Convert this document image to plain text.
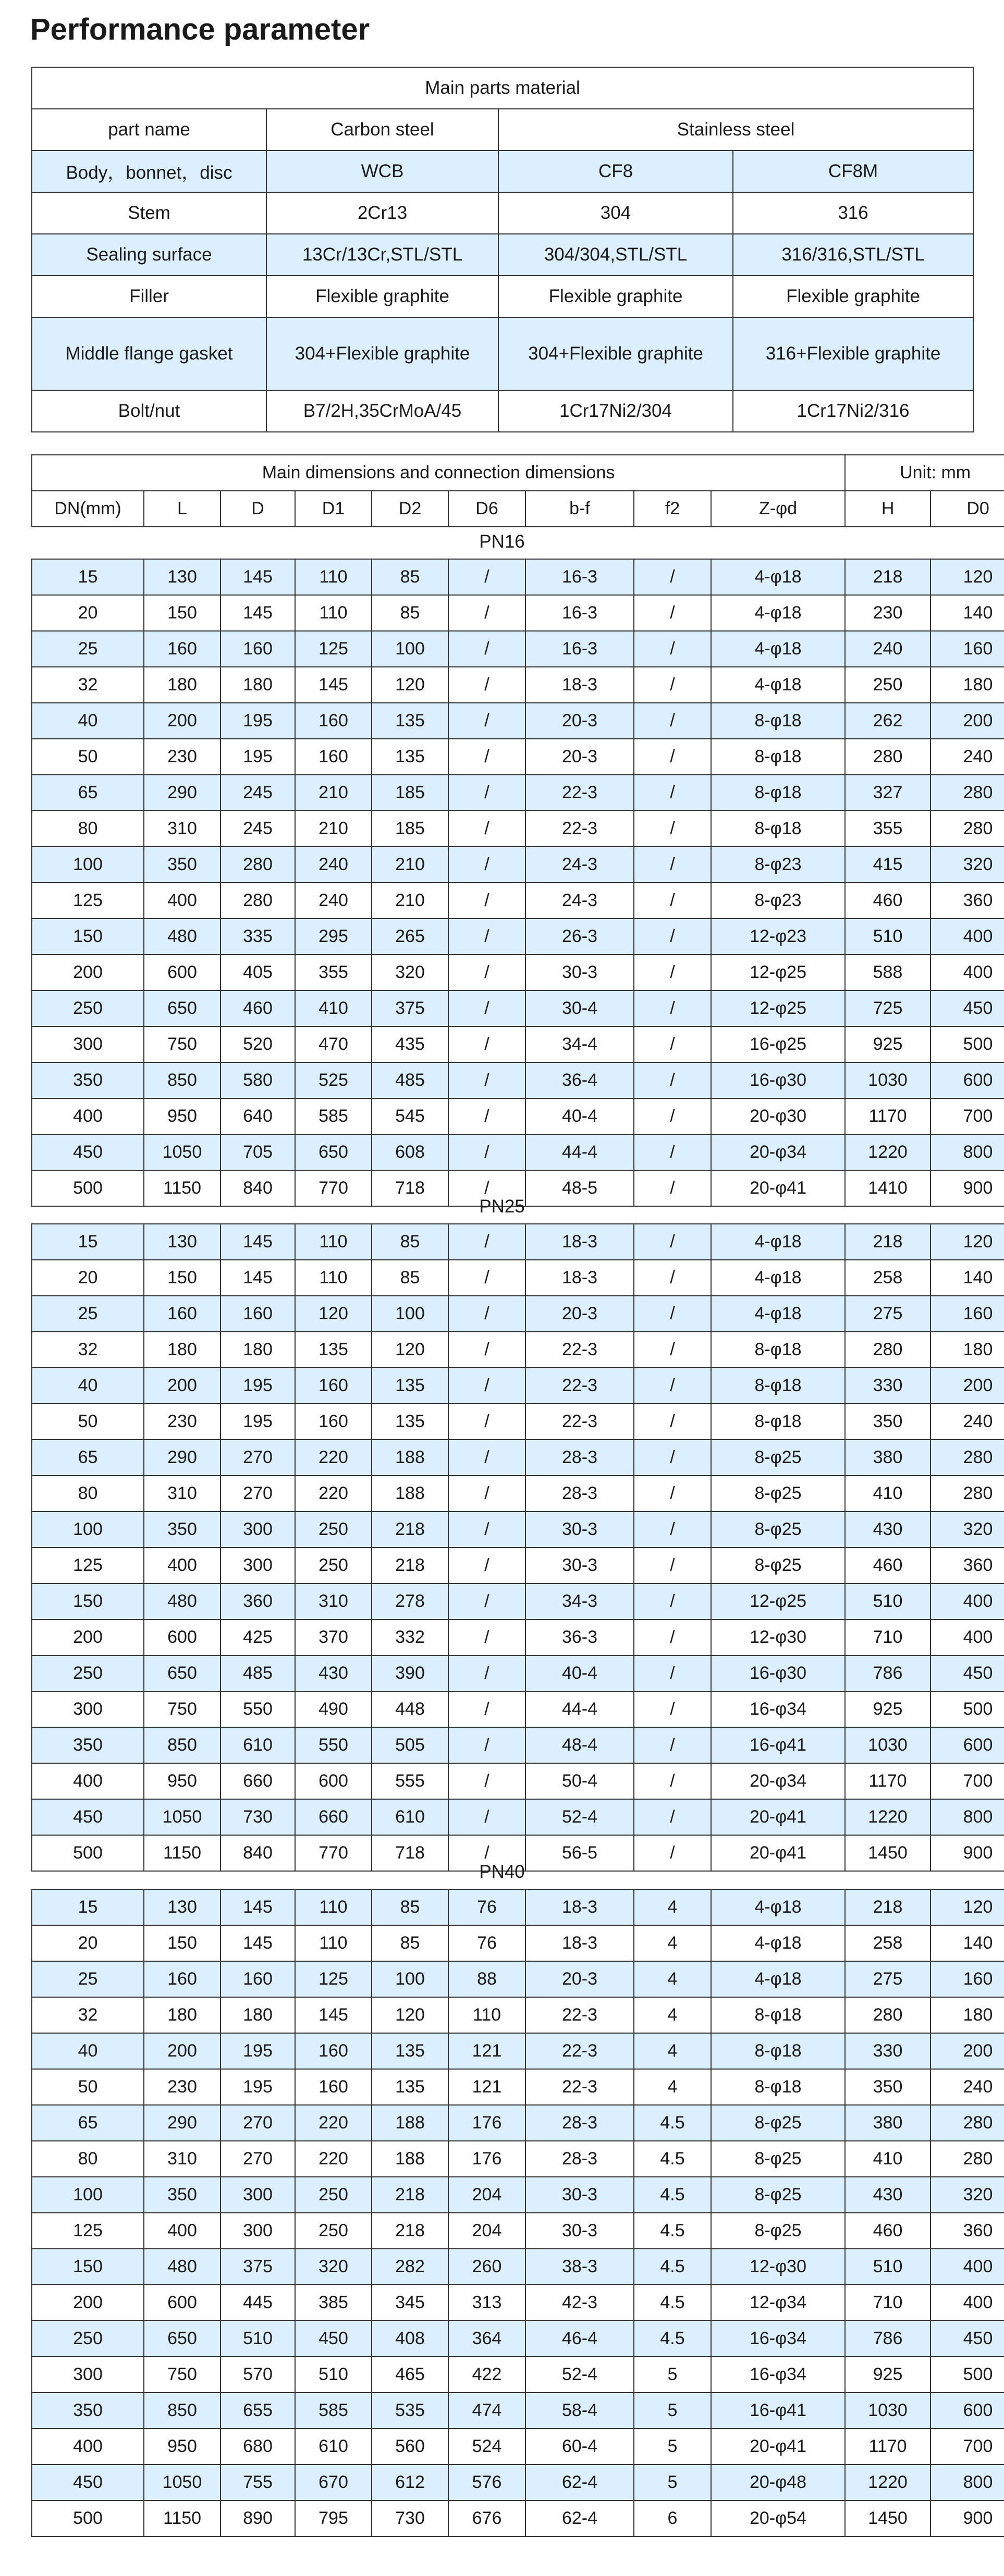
Performance parameter
Main parts material			
part name	Carbon steel	Stainless steel	
Body，bonnet，disc	WCB	CF8	CF8M
Stem	2Cr13	304	316
Sealing surface	13Cr/13Cr,STL/STL	304/304,STL/STL	316/316,STL/STL
Filler	Flexible graphite	Flexible graphite	Flexible graphite
Middle flange gasket	304+Flexible graphite	304+Flexible graphite	316+Flexible graphite
Bolt/nut	B7/2H,35CrMoA/45	1Cr17Ni2/304	1Cr17Ni2/316
Main dimensions and connection dimensions									Unit: mm	
DN(mm)	L	D	D1	D2	D6	b-f	f2	Z-φd	H	D0
PN16
15	130	145	110	85	/	16-3	/	4-φ18	218	120
20	150	145	110	85	/	16-3	/	4-φ18	230	140
25	160	160	125	100	/	16-3	/	4-φ18	240	160
32	180	180	145	120	/	18-3	/	4-φ18	250	180
40	200	195	160	135	/	20-3	/	8-φ18	262	200
50	230	195	160	135	/	20-3	/	8-φ18	280	240
65	290	245	210	185	/	22-3	/	8-φ18	327	280
80	310	245	210	185	/	22-3	/	8-φ18	355	280
100	350	280	240	210	/	24-3	/	8-φ23	415	320
125	400	280	240	210	/	24-3	/	8-φ23	460	360
150	480	335	295	265	/	26-3	/	12-φ23	510	400
200	600	405	355	320	/	30-3	/	12-φ25	588	400
250	650	460	410	375	/	30-4	/	12-φ25	725	450
300	750	520	470	435	/	34-4	/	16-φ25	925	500
350	850	580	525	485	/	36-4	/	16-φ30	1030	600
400	950	640	585	545	/	40-4	/	20-φ30	1170	700
450	1050	705	650	608	/	44-4	/	20-φ34	1220	800
500	1150	840	770	718	/	48-5	/	20-φ41	1410	900
PN25
15	130	145	110	85	/	18-3	/	4-φ18	218	120
20	150	145	110	85	/	18-3	/	4-φ18	258	140
25	160	160	120	100	/	20-3	/	4-φ18	275	160
32	180	180	135	120	/	22-3	/	8-φ18	280	180
40	200	195	160	135	/	22-3	/	8-φ18	330	200
50	230	195	160	135	/	22-3	/	8-φ18	350	240
65	290	270	220	188	/	28-3	/	8-φ25	380	280
80	310	270	220	188	/	28-3	/	8-φ25	410	280
100	350	300	250	218	/	30-3	/	8-φ25	430	320
125	400	300	250	218	/	30-3	/	8-φ25	460	360
150	480	360	310	278	/	34-3	/	12-φ25	510	400
200	600	425	370	332	/	36-3	/	12-φ30	710	400
250	650	485	430	390	/	40-4	/	16-φ30	786	450
300	750	550	490	448	/	44-4	/	16-φ34	925	500
350	850	610	550	505	/	48-4	/	16-φ41	1030	600
400	950	660	600	555	/	50-4	/	20-φ34	1170	700
450	1050	730	660	610	/	52-4	/	20-φ41	1220	800
500	1150	840	770	718	/	56-5	/	20-φ41	1450	900
PN40
15	130	145	110	85	76	18-3	4	4-φ18	218	120
20	150	145	110	85	76	18-3	4	4-φ18	258	140
25	160	160	125	100	88	20-3	4	4-φ18	275	160
32	180	180	145	120	110	22-3	4	8-φ18	280	180
40	200	195	160	135	121	22-3	4	8-φ18	330	200
50	230	195	160	135	121	22-3	4	8-φ18	350	240
65	290	270	220	188	176	28-3	4.5	8-φ25	380	280
80	310	270	220	188	176	28-3	4.5	8-φ25	410	280
100	350	300	250	218	204	30-3	4.5	8-φ25	430	320
125	400	300	250	218	204	30-3	4.5	8-φ25	460	360
150	480	375	320	282	260	38-3	4.5	12-φ30	510	400
200	600	445	385	345	313	42-3	4.5	12-φ34	710	400
250	650	510	450	408	364	46-4	4.5	16-φ34	786	450
300	750	570	510	465	422	52-4	5	16-φ34	925	500
350	850	655	585	535	474	58-4	5	16-φ41	1030	600
400	950	680	610	560	524	60-4	5	20-φ41	1170	700
450	1050	755	670	612	576	62-4	5	20-φ48	1220	800
500	1150	890	795	730	676	62-4	6	20-φ54	1450	900
